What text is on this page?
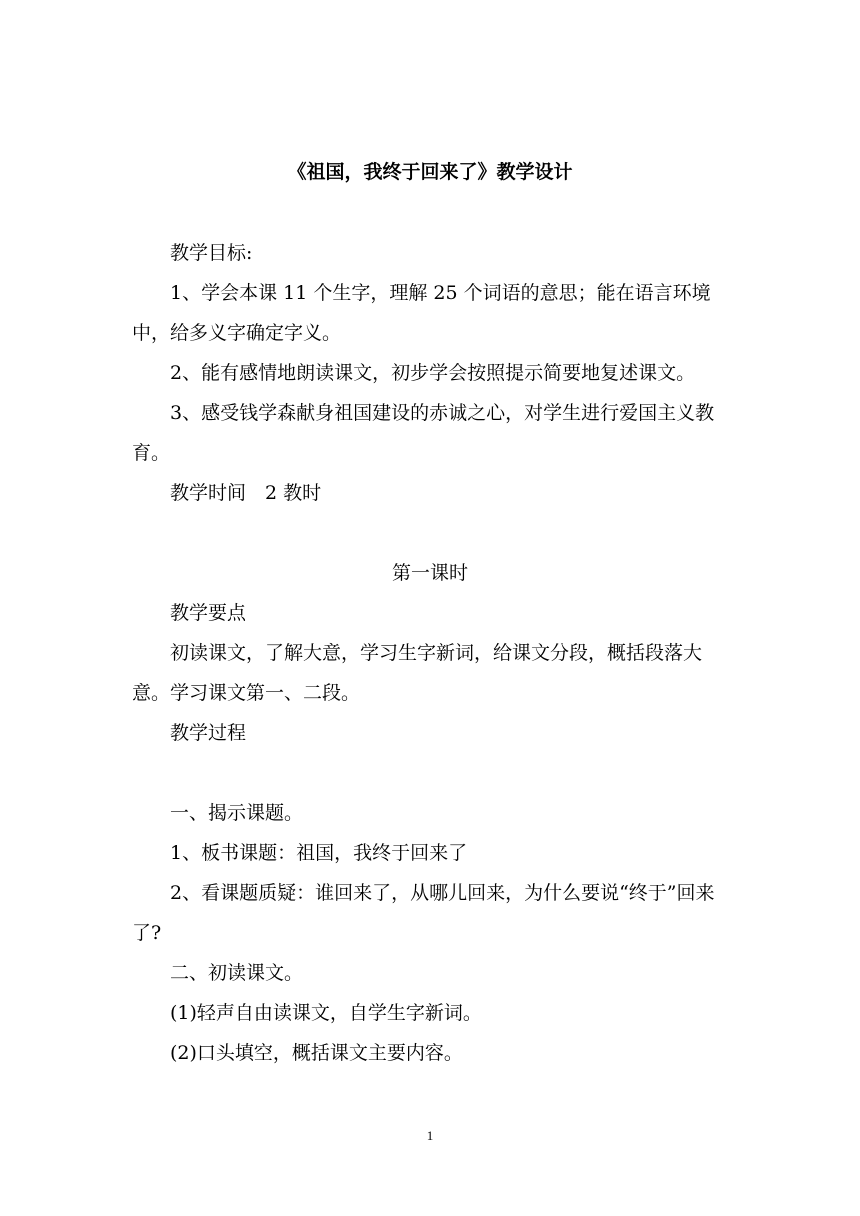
《祖国，我终于回来了》教学设计

教学目标:

1、学会本课 11 个生字，理解 25 个词语的意思；能在语言环境中，给多义字确定字义。

2、能有感情地朗读课文，初步学会按照提示简要地复述课文。

3、感受钱学森献身祖国建设的赤诚之心，对学生进行爱国主义教育。

教学时间　2 教时

第一课时

教学要点

初读课文，了解大意，学习生字新词，给课文分段，概括段落大意。学习课文第一、二段。

教学过程

一、揭示课题。

1、板书课题：祖国，我终于回来了

2、看课题质疑：谁回来了，从哪儿回来，为什么要说“终于”回来了?

二、初读课文。

(1)轻声自由读课文，自学生字新词。

(2)口头填空，概括课文主要内容。

1
